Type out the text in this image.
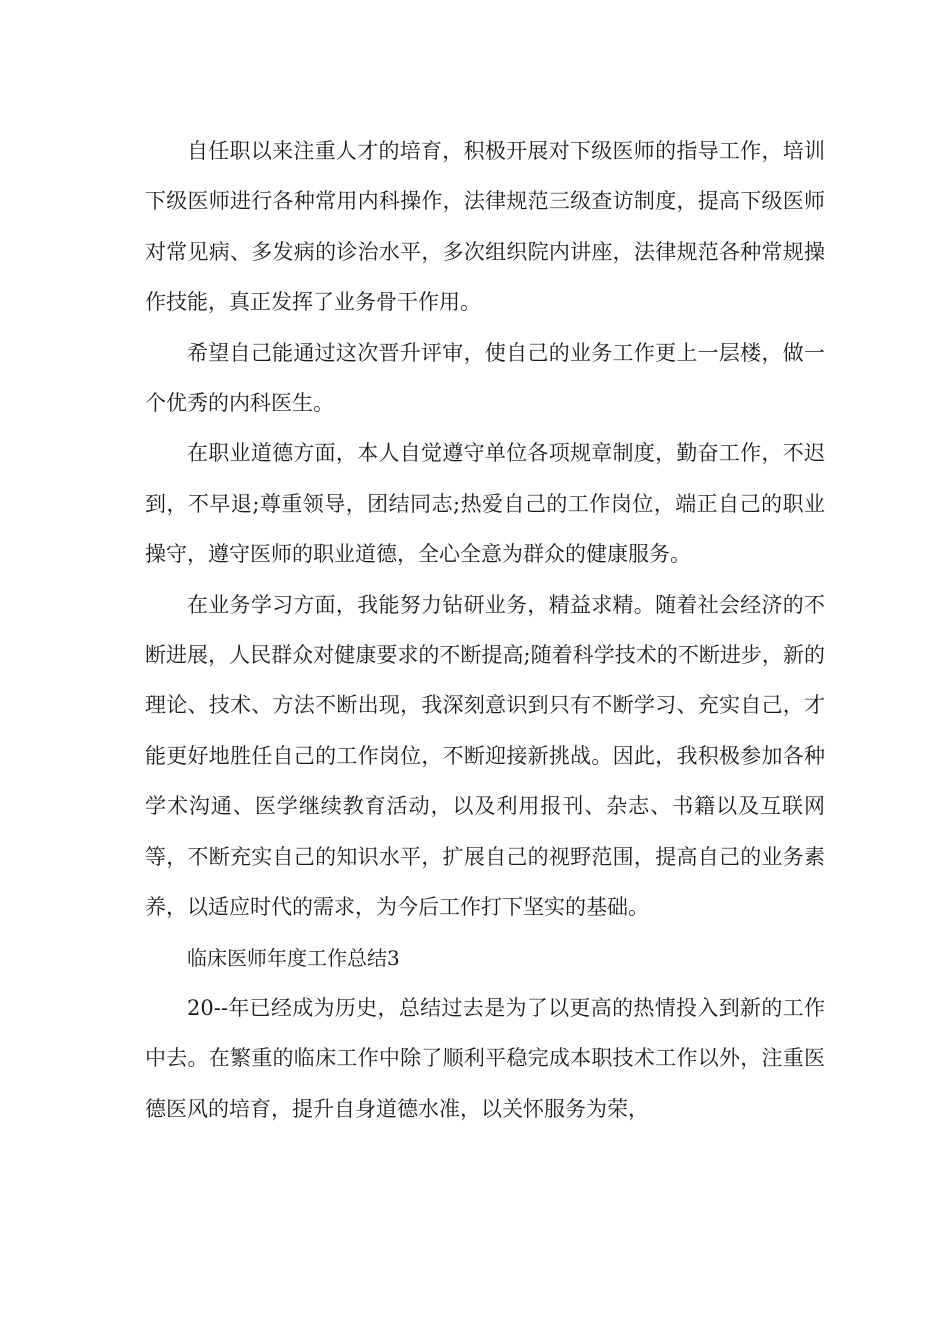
自任职以来注重人才的培育，积极开展对下级医师的指导工作，培训下级医师进行各种常用内科操作，法律规范三级查访制度，提高下级医师对常见病、多发病的诊治水平，多次组织院内讲座，法律规范各种常规操作技能，真正发挥了业务骨干作用。

希望自己能通过这次晋升评审，使自己的业务工作更上一层楼，做一个优秀的内科医生。

在职业道德方面，本人自觉遵守单位各项规章制度，勤奋工作，不迟到，不早退;尊重领导，团结同志;热爱自己的工作岗位，端正自己的职业操守，遵守医师的职业道德，全心全意为群众的健康服务。

在业务学习方面，我能努力钻研业务，精益求精。随着社会经济的不断进展，人民群众对健康要求的不断提高;随着科学技术的不断进步，新的理论、技术、方法不断出现，我深刻意识到只有不断学习、充实自己，才能更好地胜任自己的工作岗位，不断迎接新挑战。因此，我积极参加各种学术沟通、医学继续教育活动，以及利用报刊、杂志、书籍以及互联网等，不断充实自己的知识水平，扩展自己的视野范围，提高自己的业务素养，以适应时代的需求，为今后工作打下坚实的基础。

临床医师年度工作总结3

20--年已经成为历史，总结过去是为了以更高的热情投入到新的工作中去。在繁重的临床工作中除了顺利平稳完成本职技术工作以外，注重医德医风的培育，提升自身道德水准，以关怀服务为荣，
